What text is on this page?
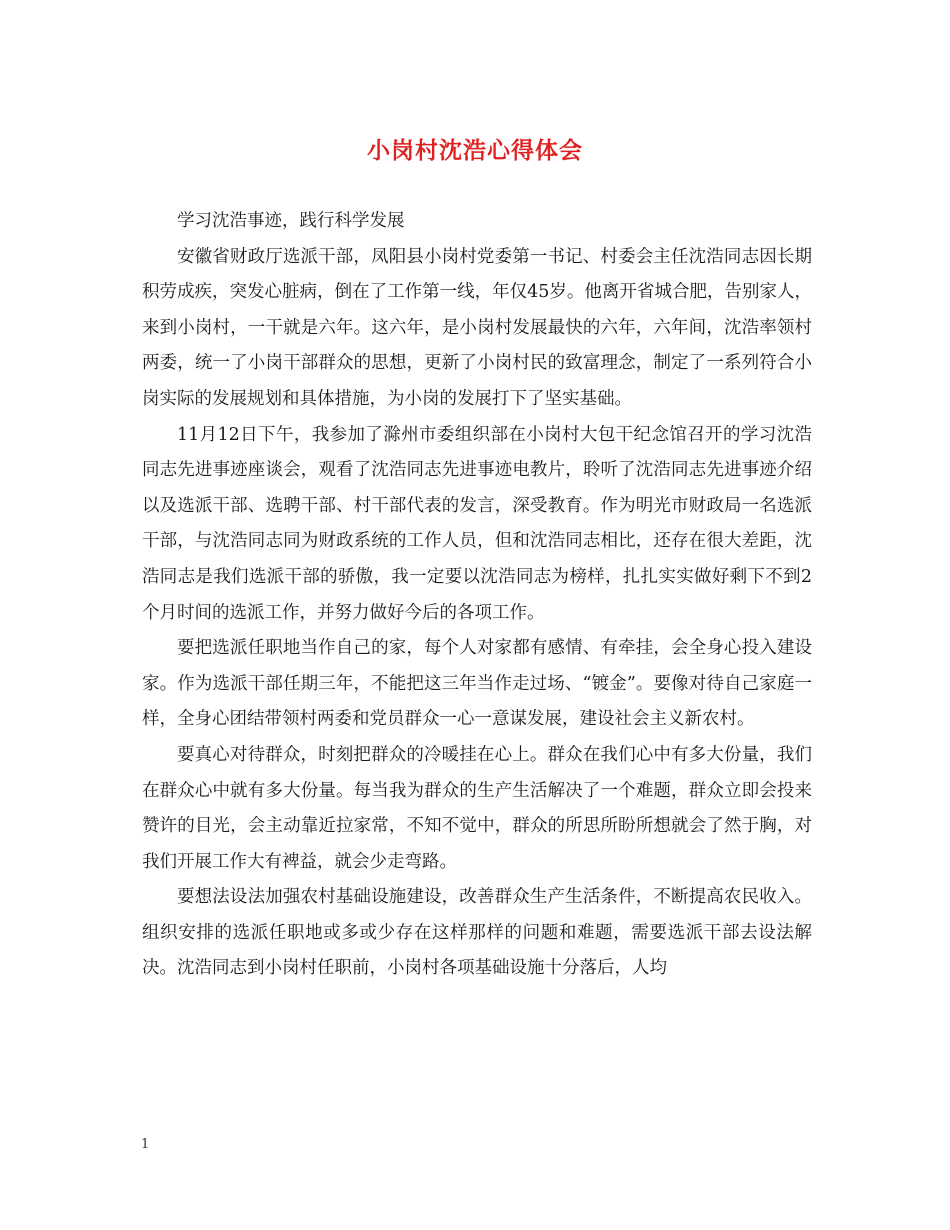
小岗村沈浩心得体会

学习沈浩事迹，践行科学发展

安徽省财政厅选派干部，凤阳县小岗村党委第一书记、村委会主任沈浩同志因长期积劳成疾，突发心脏病，倒在了工作第一线，年仅45岁。他离开省城合肥，告别家人，来到小岗村，一干就是六年。这六年，是小岗村发展最快的六年，六年间，沈浩率领村两委，统一了小岗干部群众的思想，更新了小岗村民的致富理念，制定了一系列符合小岗实际的发展规划和具体措施，为小岗的发展打下了坚实基础。

11月12日下午，我参加了滁州市委组织部在小岗村大包干纪念馆召开的学习沈浩同志先进事迹座谈会，观看了沈浩同志先进事迹电教片，聆听了沈浩同志先进事迹介绍以及选派干部、选聘干部、村干部代表的发言，深受教育。作为明光市财政局一名选派干部，与沈浩同志同为财政系统的工作人员，但和沈浩同志相比，还存在很大差距，沈浩同志是我们选派干部的骄傲，我一定要以沈浩同志为榜样，扎扎实实做好剩下不到2个月时间的选派工作，并努力做好今后的各项工作。

要把选派任职地当作自己的家，每个人对家都有感情、有牵挂，会全身心投入建设家。作为选派干部任期三年，不能把这三年当作走过场、“镀金”。要像对待自己家庭一样，全身心团结带领村两委和党员群众一心一意谋发展，建设社会主义新农村。

要真心对待群众，时刻把群众的冷暖挂在心上。群众在我们心中有多大份量，我们在群众心中就有多大份量。每当我为群众的生产生活解决了一个难题，群众立即会投来赞许的目光，会主动靠近拉家常，不知不觉中，群众的所思所盼所想就会了然于胸，对我们开展工作大有裨益，就会少走弯路。

要想法设法加强农村基础设施建设，改善群众生产生活条件，不断提高农民收入。组织安排的选派任职地或多或少存在这样那样的问题和难题，需要选派干部去设法解决。沈浩同志到小岗村任职前，小岗村各项基础设施十分落后，人均

1
